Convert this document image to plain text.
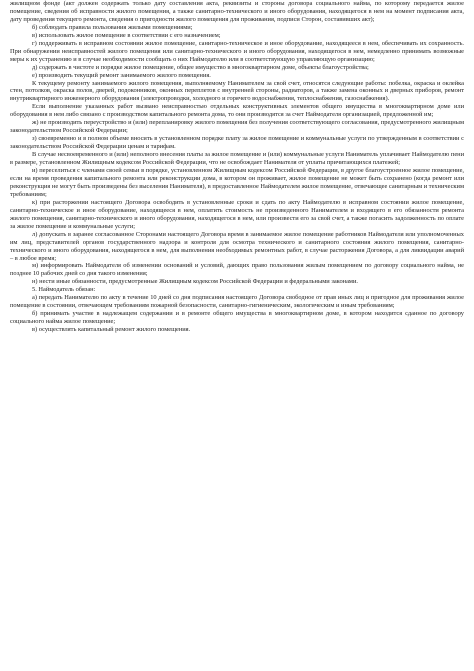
жилищном фонде (акт должен содержать только дату составления акта, реквизиты и стороны договора социального найма, по которому передается жилое помещение, сведения об исправности жилого помещения, а также санитарно-технического и иного оборудования, находящегося в нем на момент подписания акта, дату проведения текущего ремонта, сведения о пригодности жилого помещения для проживания, подписи Сторон, составивших акт);

б) соблюдать правила пользования жилыми помещениями;

в) использовать жилое помещение в соответствии с его назначением;

г) поддерживать в исправном состоянии жилое помещение, санитарно-техническое и иное оборудование, находящееся в нем, обеспечивать их сохранность. При обнаружении неисправностей жилого помещения или санитарно-технического и иного оборудования, находящегося в нем, немедленно принимать возможные меры к их устранению и в случае необходимости сообщать о них Наймодателю или в соответствующую управляющую организацию;

д) содержать в чистоте и порядке жилое помещение, общее имущество в многоквартирном доме, объекты благоустройства;

е) производить текущий ремонт занимаемого жилого помещения.

К текущему ремонту занимаемого жилого помещения, выполняемому Нанимателем за свой счет, относятся следующие работы: побелка, окраска и оклейка стен, потолков, окраска полов, дверей, подоконников, оконных переплетов с внутренней стороны, радиаторов, а также замена оконных и дверных приборов, ремонт внутриквартирного инженерного оборудования (электропроводки, холодного и горячего водоснабжения, теплоснабжения, газоснабжения).

Если выполнение указанных работ вызвано неисправностью отдельных конструктивных элементов общего имущества в многоквартирном доме или оборудования в нем либо связано с производством капитального ремонта дома, то они производятся за счет Наймодателя организацией, предложенной им;

ж) не производить переустройство и (или) перепланировку жилого помещения без получения соответствующего согласования, предусмотренного жилищным законодательством Российской Федерации;

з) своевременно и в полном объеме вносить в установленном порядке плату за жилое помещение и коммунальные услуги по утвержденным в соответствии с законодательством Российской Федерации ценам и тарифам.

В случае несвоевременного и (или) неполного внесения платы за жилое помещение и (или) коммунальные услуги Наниматель уплачивает Наймодателю пени в размере, установленном Жилищным кодексом Российской Федерации, что не освобождает Нанимателя от уплаты причитающихся платежей;

и) переселиться с членами своей семьи в порядке, установленном Жилищным кодексом Российской Федерации, в другое благоустроенное жилое помещение, если на время проведения капитального ремонта или реконструкции дома, в котором он проживает, жилое помещение не может быть сохранено (когда ремонт или реконструкция не могут быть произведены без выселения Нанимателя), в предоставленное Наймодателем жилое помещение, отвечающее санитарным и техническим требованиям;

к) при расторжении настоящего Договора освободить в установленные сроки и сдать по акту Наймодателю в исправном состоянии жилое помещение, санитарно-техническое и иное оборудование, находящееся в нем, оплатить стоимость не произведенного Нанимателем и входящего в его обязанности ремонта жилого помещения, санитарно-технического и иного оборудования, находящегося в нем, или произвести его за свой счет, а также погасить задолженность по оплате за жилое помещение и коммунальные услуги;

л) допускать в заранее согласованное Сторонами настоящего Договора время в занимаемое жилое помещение работников Наймодателя или уполномоченных им лиц, представителей органов государственного надзора и контроля для осмотра технического и санитарного состояния жилого помещения, санитарно-технического и иного оборудования, находящегося в нем, для выполнения необходимых ремонтных работ, в случае расторжения Договора, а для ликвидации аварий – в любое время;

м) информировать Наймодателя об изменении оснований и условий, дающих право пользования жилым помещением по договору социального найма, не позднее 10 рабочих дней со дня такого изменения;

н) нести иные обязанности, предусмотренные Жилищным кодексом Российской Федерации и федеральными законами.

5. Наймодатель обязан:

а) передать Нанимателю по акту в течение 10 дней со дня подписания настоящего Договора свободное от прав иных лиц и пригодное для проживания жилое помещение в состоянии, отвечающем требованиям пожарной безопасности, санитарно-гигиеническим, экологическим и иным требованиям;

б) принимать участие в надлежащем содержании и в ремонте общего имущества в многоквартирном доме, в котором находится сданное по договору социального найма жилое помещение;

в) осуществлять капитальный ремонт жилого помещения.
